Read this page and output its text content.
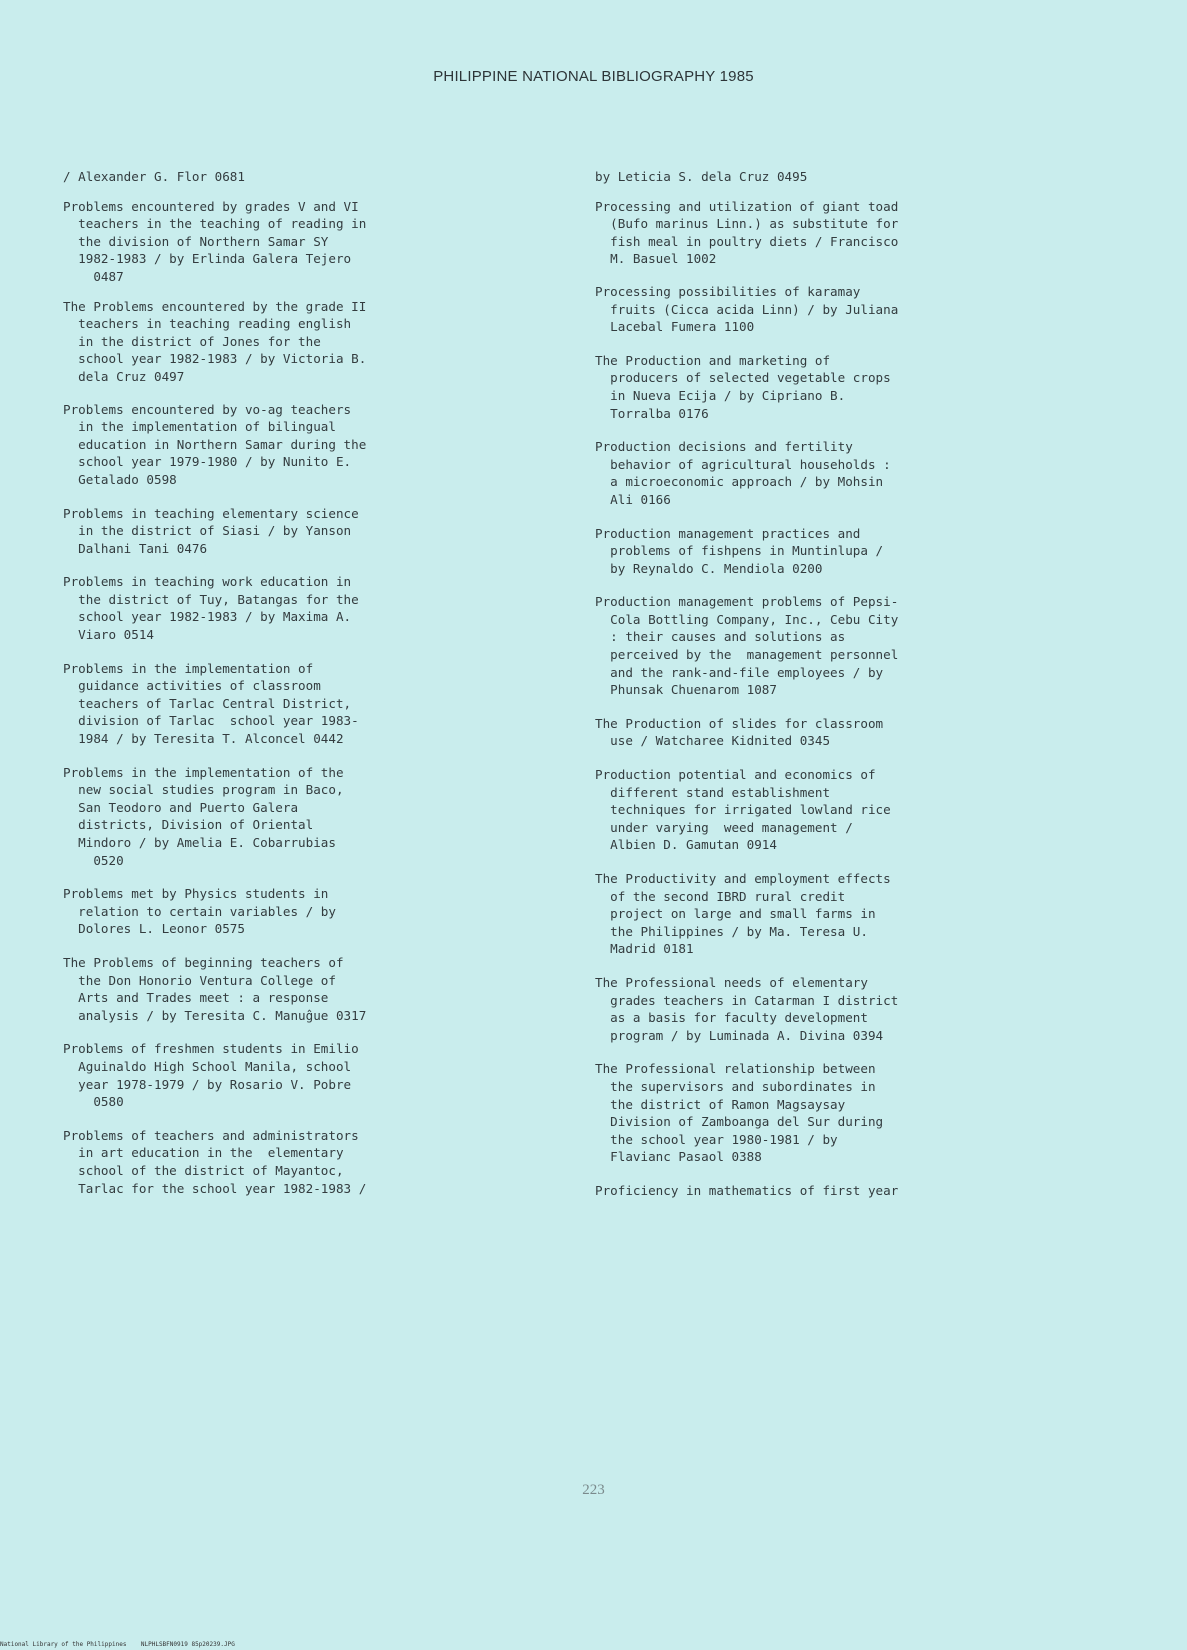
PHILIPPINE NATIONAL BIBLIOGRAPHY 1985

/ Alexander G. Flor 0681

Problems encountered by grades V and VI
teachers in the teaching of reading in
the division of Northern Samar SY
1982-1983 / by Erlinda Galera Tejero
0487

The Problems encountered by the grade II
teachers in teaching reading english
in the district of Jones for the
school year 1982-1983 / by Victoria B.
dela Cruz 0497

Problems encountered by vo-ag teachers
in the implementation of bilingual
education in Northern Samar during the
school year 1979-1980 / by Nunito E.
Getalado 0598

Problems in teaching elementary science
in the district of Siasi / by Yanson
Dalhani Tani 0476

Problems in teaching work education in
the district of Tuy, Batangas for the
school year 1982-1983 / by Maxima A.
Viaro 0514

Problems in the implementation of
guidance activities of classroom
teachers of Tarlac Central District,
division of Tarlac  school year 1983-
1984 / by Teresita T. Alconcel 0442

Problems in the implementation of the
new social studies program in Baco,
San Teodoro and Puerto Galera
districts, Division of Oriental
Mindoro / by Amelia E. Cobarrubias
0520

Problems met by Physics students in
relation to certain variables / by
Dolores L. Leonor 0575

The Problems of beginning teachers of
the Don Honorio Ventura College of
Arts and Trades meet : a response
analysis / by Teresita C. Manuĝue 0317

Problems of freshmen students in Emilio
Aguinaldo High School Manila, school
year 1978-1979 / by Rosario V. Pobre
0580

Problems of teachers and administrators
in art education in the  elementary
school of the district of Mayantoc,
Tarlac for the school year 1982-1983 /

by Leticia S. dela Cruz 0495

Processing and utilization of giant toad
(Bufo marinus Linn.) as substitute for
fish meal in poultry diets / Francisco
M. Basuel 1002

Processing possibilities of karamay
fruits (Cicca acida Linn) / by Juliana
Lacebal Fumera 1100

The Production and marketing of
producers of selected vegetable crops
in Nueva Ecija / by Cipriano B.
Torralba 0176

Production decisions and fertility
behavior of agricultural households :
a microeconomic approach / by Mohsin
Ali 0166

Production management practices and
problems of fishpens in Muntinlupa /
by Reynaldo C. Mendiola 0200

Production management problems of Pepsi-
Cola Bottling Company, Inc., Cebu City
: their causes and solutions as
perceived by the  management personnel
and the rank-and-file employees / by
Phunsak Chuenarom 1087

The Production of slides for classroom
use / Watcharee Kidnited 0345

Production potential and economics of
different stand establishment
techniques for irrigated lowland rice
under varying  weed management /
Albien D. Gamutan 0914

The Productivity and employment effects
of the second IBRD rural credit
project on large and small farms in
the Philippines / by Ma. Teresa U.
Madrid 0181

The Professional needs of elementary
grades teachers in Catarman I district
as a basis for faculty development
program / by Luminada A. Divina 0394

The Professional relationship between
the supervisors and subordinates in
the district of Ramon Magsaysay
Division of Zamboanga del Sur during
the school year 1980-1981 / by
Flavianc Pasaol 0388

Proficiency in mathematics of first year

223
National Library of the Philippines    NLPHLSBFN0919 85p20239.JPG
